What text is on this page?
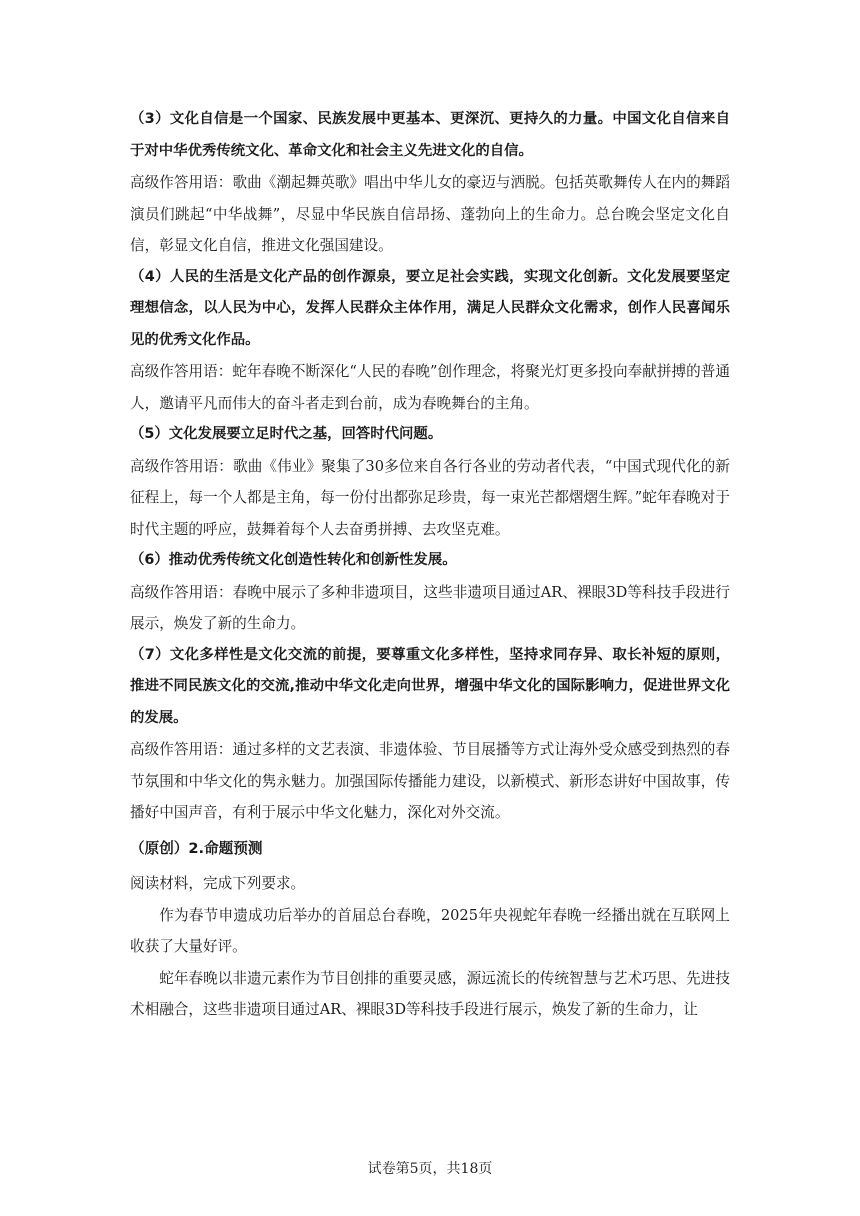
（3）文化自信是一个国家、民族发展中更基本、更深沉、更持久的力量。中国文化自信来自于对中华优秀传统文化、革命文化和社会主义先进文化的自信。

高级作答用语：歌曲《潮起舞英歌》唱出中华儿女的豪迈与洒脱。包括英歌舞传人在内的舞蹈演员们跳起“中华战舞”，尽显中华民族自信昂扬、蓬勃向上的生命力。总台晚会坚定文化自信，彰显文化自信，推进文化强国建设。

（4）人民的生活是文化产品的创作源泉，要立足社会实践，实现文化创新。文化发展要坚定理想信念，以人民为中心，发挥人民群众主体作用，满足人民群众文化需求，创作人民喜闻乐见的优秀文化作品。

高级作答用语：蛇年春晚不断深化“人民的春晚”创作理念，将聚光灯更多投向奉献拼搏的普通人，邀请平凡而伟大的奋斗者走到台前，成为春晚舞台的主角。

（5）文化发展要立足时代之基，回答时代问题。

高级作答用语：歌曲《伟业》聚集了30多位来自各行各业的劳动者代表，“中国式现代化的新征程上，每一个人都是主角，每一份付出都弥足珍贵，每一束光芒都熠熠生辉。”蛇年春晚对于时代主题的呼应，鼓舞着每个人去奋勇拼搏、去攻坚克难。

（6）推动优秀传统文化创造性转化和创新性发展。

高级作答用语：春晚中展示了多种非遗项目，这些非遗项目通过AR、裸眼3D等科技手段进行展示，焕发了新的生命力。

（7）文化多样性是文化交流的前提，要尊重文化多样性，坚持求同存异、取长补短的原则，推进不同民族文化的交流,推动中华文化走向世界，增强中华文化的国际影响力，促进世界文化的发展。

高级作答用语：通过多样的文艺表演、非遗体验、节目展播等方式让海外受众感受到热烈的春节氛围和中华文化的隽永魅力。加强国际传播能力建设，以新模式、新形态讲好中国故事，传播好中国声音，有利于展示中华文化魅力，深化对外交流。

（原创）2.命题预测

阅读材料，完成下列要求。

作为春节申遗成功后举办的首届总台春晚，2025年央视蛇年春晚一经播出就在互联网上收获了大量好评。

蛇年春晚以非遗元素作为节目创排的重要灵感，源远流长的传统智慧与艺术巧思、先进技术相融合，这些非遗项目通过AR、裸眼3D等科技手段进行展示，焕发了新的生命力，让

试卷第5页，共18页
